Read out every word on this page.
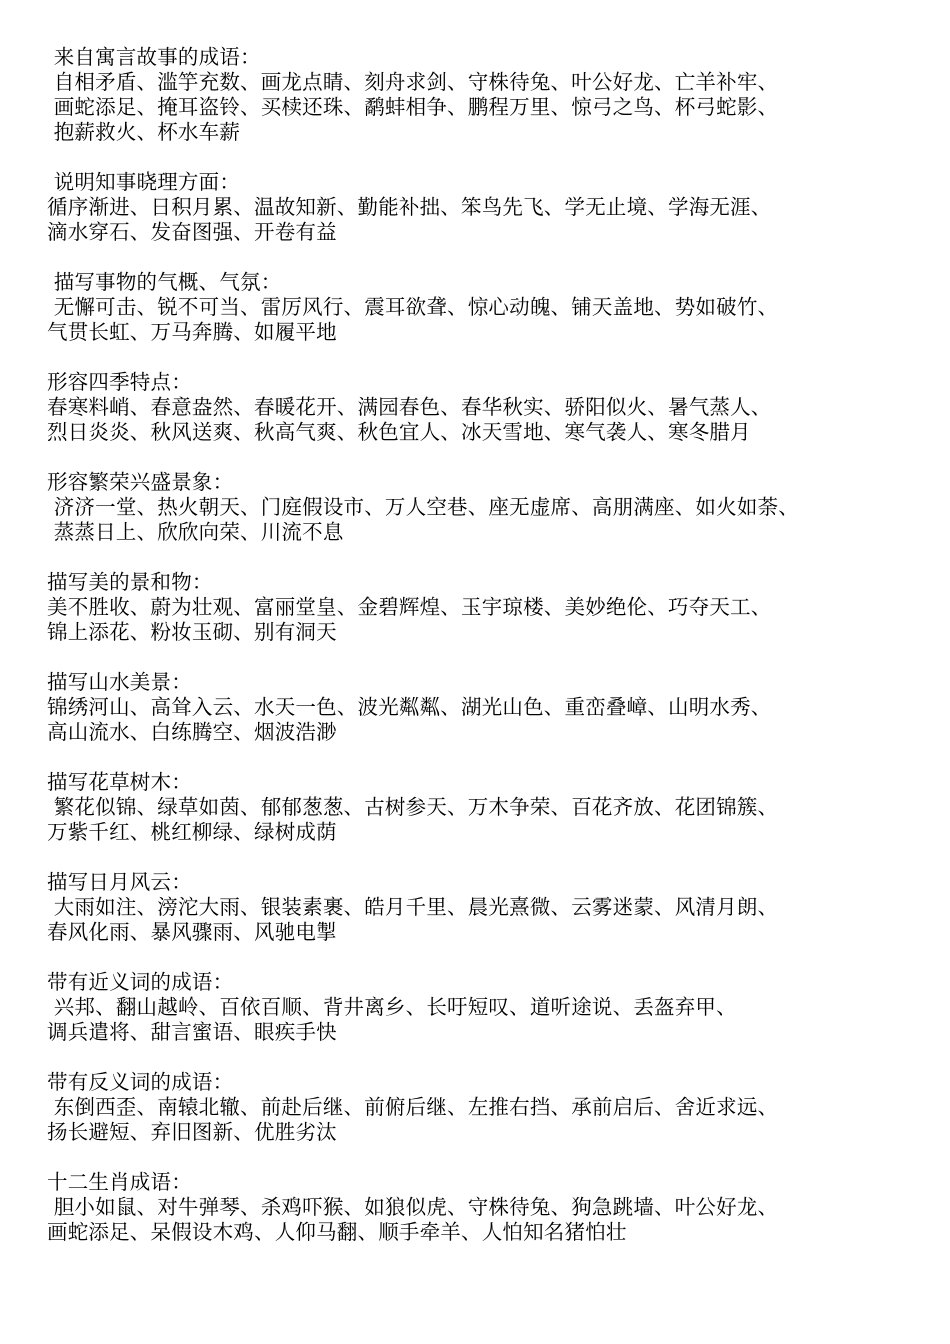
来自寓言故事的成语：
自相矛盾、滥竽充数、画龙点睛、刻舟求剑、守株待兔、叶公好龙、亡羊补牢、
画蛇添足、掩耳盗铃、买椟还珠、鹬蚌相争、鹏程万里、惊弓之鸟、杯弓蛇影、
抱薪救火、杯水车薪
说明知事晓理方面：
循序渐进、日积月累、温故知新、勤能补拙、笨鸟先飞、学无止境、学海无涯、
滴水穿石、发奋图强、开卷有益
描写事物的气概、气氛：
无懈可击、锐不可当、雷厉风行、震耳欲聋、惊心动魄、铺天盖地、势如破竹、
气贯长虹、万马奔腾、如履平地
形容四季特点：
春寒料峭、春意盎然、春暖花开、满园春色、春华秋实、骄阳似火、暑气蒸人、
烈日炎炎、秋风送爽、秋高气爽、秋色宜人、冰天雪地、寒气袭人、寒冬腊月
形容繁荣兴盛景象：
济济一堂、热火朝天、门庭假设市、万人空巷、座无虚席、高朋满座、如火如荼、
蒸蒸日上、欣欣向荣、川流不息
描写美的景和物：
美不胜收、蔚为壮观、富丽堂皇、金碧辉煌、玉宇琼楼、美妙绝伦、巧夺天工、
锦上添花、粉妆玉砌、别有洞天
描写山水美景：
锦绣河山、高耸入云、水天一色、波光粼粼、湖光山色、重峦叠嶂、山明水秀、
高山流水、白练腾空、烟波浩渺
描写花草树木：
繁花似锦、绿草如茵、郁郁葱葱、古树参天、万木争荣、百花齐放、花团锦簇、
万紫千红、桃红柳绿、绿树成荫
描写日月风云：
大雨如注、滂沱大雨、银装素裹、皓月千里、晨光熹微、云雾迷蒙、风清月朗、
春风化雨、暴风骤雨、风驰电掣
带有近义词的成语：
兴邦、翻山越岭、百依百顺、背井离乡、长吁短叹、道听途说、丢盔弃甲、
调兵遣将、甜言蜜语、眼疾手快
带有反义词的成语：
东倒西歪、南辕北辙、前赴后继、前俯后继、左推右挡、承前启后、舍近求远、
扬长避短、弃旧图新、优胜劣汰
十二生肖成语：
胆小如鼠、对牛弹琴、杀鸡吓猴、如狼似虎、守株待兔、狗急跳墙、叶公好龙、
画蛇添足、呆假设木鸡、人仰马翻、顺手牵羊、人怕知名猪怕壮
